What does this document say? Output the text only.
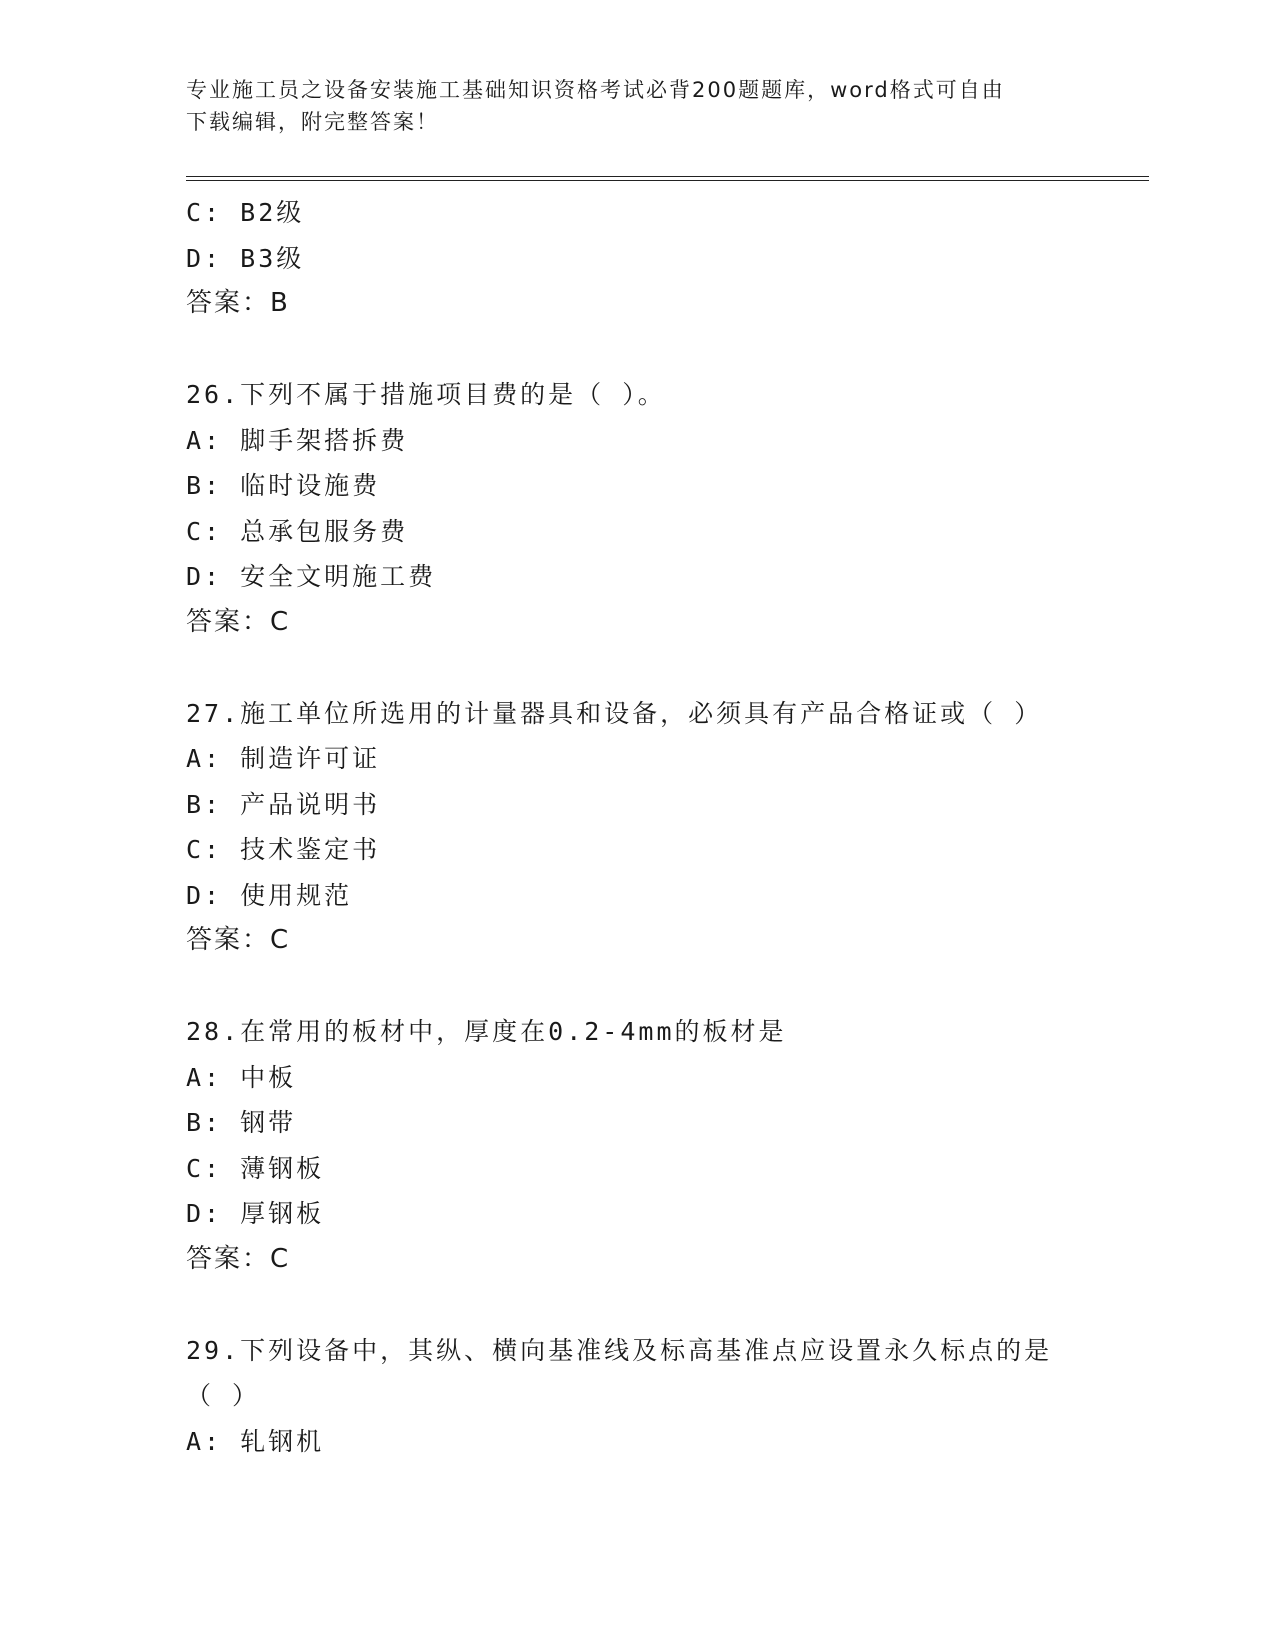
专业施工员之设备安装施工基础知识资格考试必背200题题库，word格式可自由
下载编辑，附完整答案！
C: B2级
D: B3级
答案：B
26.下列不属于措施项目费的是（ ）。
A: 脚手架搭拆费
B: 临时设施费
C: 总承包服务费
D: 安全文明施工费
答案：C
27.施工单位所选用的计量器具和设备，必须具有产品合格证或（ ）
A: 制造许可证
B: 产品说明书
C: 技术鉴定书
D: 使用规范
答案：C
28.在常用的板材中，厚度在0.2-4mm的板材是
A: 中板
B: 钢带
C: 薄钢板
D: 厚钢板
答案：C
29.下列设备中，其纵、横向基准线及标高基准点应设置永久标点的是
（ ）
A: 轧钢机
